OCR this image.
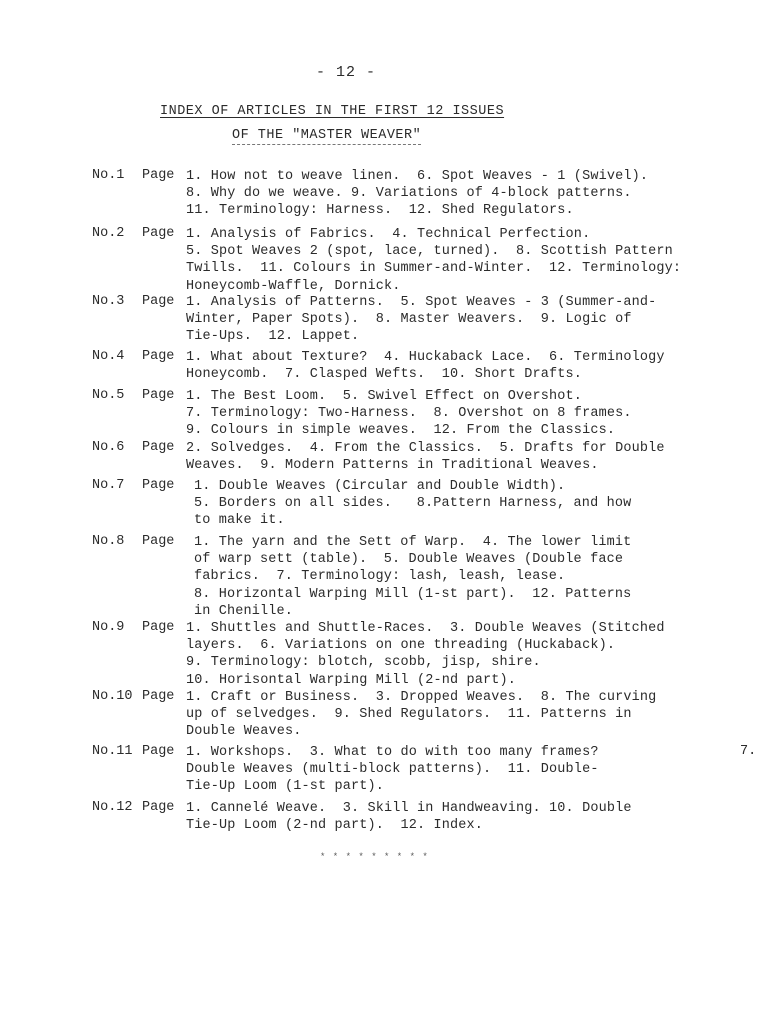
- 12 -
INDEX OF ARTICLES IN THE FIRST 12 ISSUES
OF THE "MASTER WEAVER"
No.1 Page 1. How not to weave linen.  6. Spot Weaves - 1 (Swivel).
8. Why do we weave. 9. Variations of 4-block patterns.
11. Terminology: Harness.  12. Shed Regulators.
No.2 Page 1. Analysis of Fabrics.  4. Technical Perfection.
5. Spot Weaves 2 (spot, lace, turned).  8. Scottish Pattern
Twills.  11. Colours in Summer-and-Winter.  12. Terminology:
Honeycomb-Waffle, Dornick.
No.3 Page 1. Analysis of Patterns.  5. Spot Weaves - 3 (Summer-and-
Winter, Paper Spots).  8. Master Weavers.  9. Logic of
Tie-Ups.  12. Lappet.
No.4 Page 1. What about Texture?  4. Huckaback Lace.  6. Terminology
Honeycomb.  7. Clasped Wefts.  10. Short Drafts.
No.5 Page 1. The Best Loom.  5. Swivel Effect on Overshot.
7. Terminology: Two-Harness.  8. Overshot on 8 frames.
9. Colours in simple weaves.  12. From the Classics.
No.6 Page 2. Solvedges.  4. From the Classics.  5. Drafts for Double
Weaves.  9. Modern Patterns in Traditional Weaves.
No.7 Page 1. Double Weaves (Circular and Double Width).
5. Borders on all sides.   8.Pattern Harness, and how
to make it.
No.8 Page 1. The yarn and the Sett of Warp.  4. The lower limit
of warp sett (table).  5. Double Weaves (Double face
fabrics.  7. Terminology: lash, leash, lease.
8. Horizontal Warping Mill (1-st part).  12. Patterns
in Chenille.
No.9 Page 1. Shuttles and Shuttle-Races.  3. Double Weaves (Stitched
layers.  6. Variations on one threading (Huckaback).
9. Terminology: blotch, scobb, jisp, shire.
10. Horisontal Warping Mill (2-nd part).
No.10 Page 1. Craft or Business.  3. Dropped Weaves.  8. The curving
up of selvedges.  9. Shed Regulators.  11. Patterns in
Double Weaves.
No.11 Page 1. Workshops.  3. What to do with too many frames?
Double Weaves (multi-block patterns).  11. Double-
Tie-Up Loom (1-st part).
7.
No.12 Page 1. Cannelé Weave.  3. Skill in Handweaving. 10. Double
Tie-Up Loom (2-nd part).  12. Index.
* * * * * * * * *
